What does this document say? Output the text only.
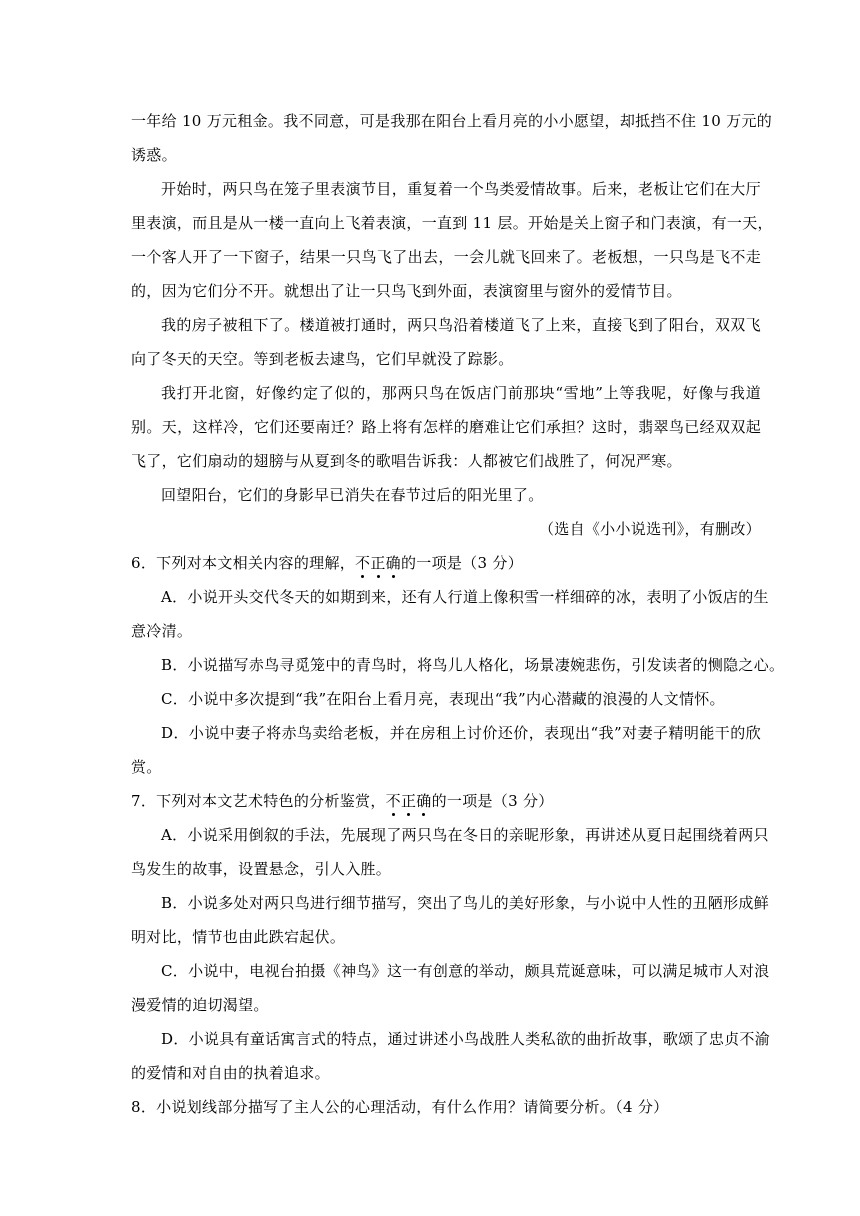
一年给 10 万元租金。我不同意，可是我那在阳台上看月亮的小小愿望，却抵挡不住 10 万元的
诱惑。
开始时，两只鸟在笼子里表演节目，重复着一个鸟类爱情故事。后来，老板让它们在大厅
里表演，而且是从一楼一直向上飞着表演，一直到 11 层。开始是关上窗子和门表演，有一天，
一个客人开了一下窗子，结果一只鸟飞了出去，一会儿就飞回来了。老板想，一只鸟是飞不走
的，因为它们分不开。就想出了让一只鸟飞到外面，表演窗里与窗外的爱情节目。
我的房子被租下了。楼道被打通时，两只鸟沿着楼道飞了上来，直接飞到了阳台，双双飞
向了冬天的天空。等到老板去逮鸟，它们早就没了踪影。
我打开北窗，好像约定了似的，那两只鸟在饭店门前那块“雪地”上等我呢，好像与我道
别。天，这样冷，它们还要南迁？路上将有怎样的磨难让它们承担？这时，翡翠鸟已经双双起
飞了，它们扇动的翅膀与从夏到冬的歌唱告诉我：人都被它们战胜了，何况严寒。
回望阳台，它们的身影早已消失在春节过后的阳光里了。
（选自《小小说选刊》，有删改）
6．下列对本文相关内容的理解，不正确的一项是（3 分）
A．小说开头交代冬天的如期到来，还有人行道上像积雪一样细碎的冰，表明了小饭店的生
意冷清。
B．小说描写赤鸟寻觅笼中的青鸟时，将鸟儿人格化，场景凄婉悲伤，引发读者的恻隐之心。
C．小说中多次提到“我”在阳台上看月亮，表现出“我”内心潜藏的浪漫的人文情怀。
D．小说中妻子将赤鸟卖给老板，并在房租上讨价还价，表现出“我”对妻子精明能干的欣
赏。
7．下列对本文艺术特色的分析鉴赏，不正确的一项是（3 分）
A．小说采用倒叙的手法，先展现了两只鸟在冬日的亲昵形象，再讲述从夏日起围绕着两只
鸟发生的故事，设置悬念，引人入胜。
B．小说多处对两只鸟进行细节描写，突出了鸟儿的美好形象，与小说中人性的丑陋形成鲜
明对比，情节也由此跌宕起伏。
C．小说中，电视台拍摄《神鸟》这一有创意的举动，颇具荒诞意味，可以满足城市人对浪
漫爱情的迫切渴望。
D．小说具有童话寓言式的特点，通过讲述小鸟战胜人类私欲的曲折故事，歌颂了忠贞不渝
的爱情和对自由的执着追求。
8．小说划线部分描写了主人公的心理活动，有什么作用？请简要分析。（4 分）
